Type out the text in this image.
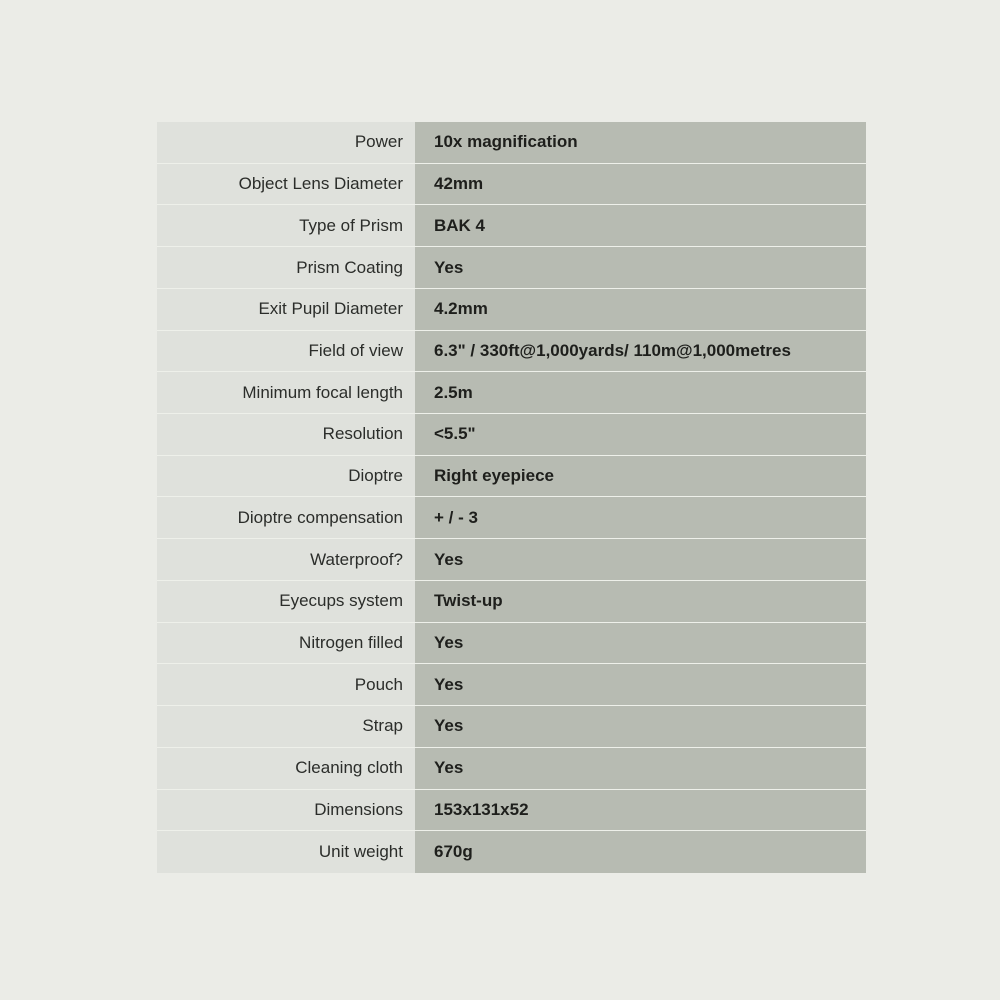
Power	10x magnification
Object Lens Diameter	42mm
Type of Prism	BAK 4
Prism Coating	Yes
Exit Pupil Diameter	4.2mm
Field of view	6.3" / 330ft@1,000yards/ 110m@1,000metres
Minimum focal length	2.5m
Resolution	<5.5"
Dioptre	Right eyepiece
Dioptre compensation	+ / - 3
Waterproof?	Yes
Eyecups system	Twist-up
Nitrogen filled	Yes
Pouch	Yes
Strap	Yes
Cleaning cloth	Yes
Dimensions	153x131x52
Unit weight	670g
